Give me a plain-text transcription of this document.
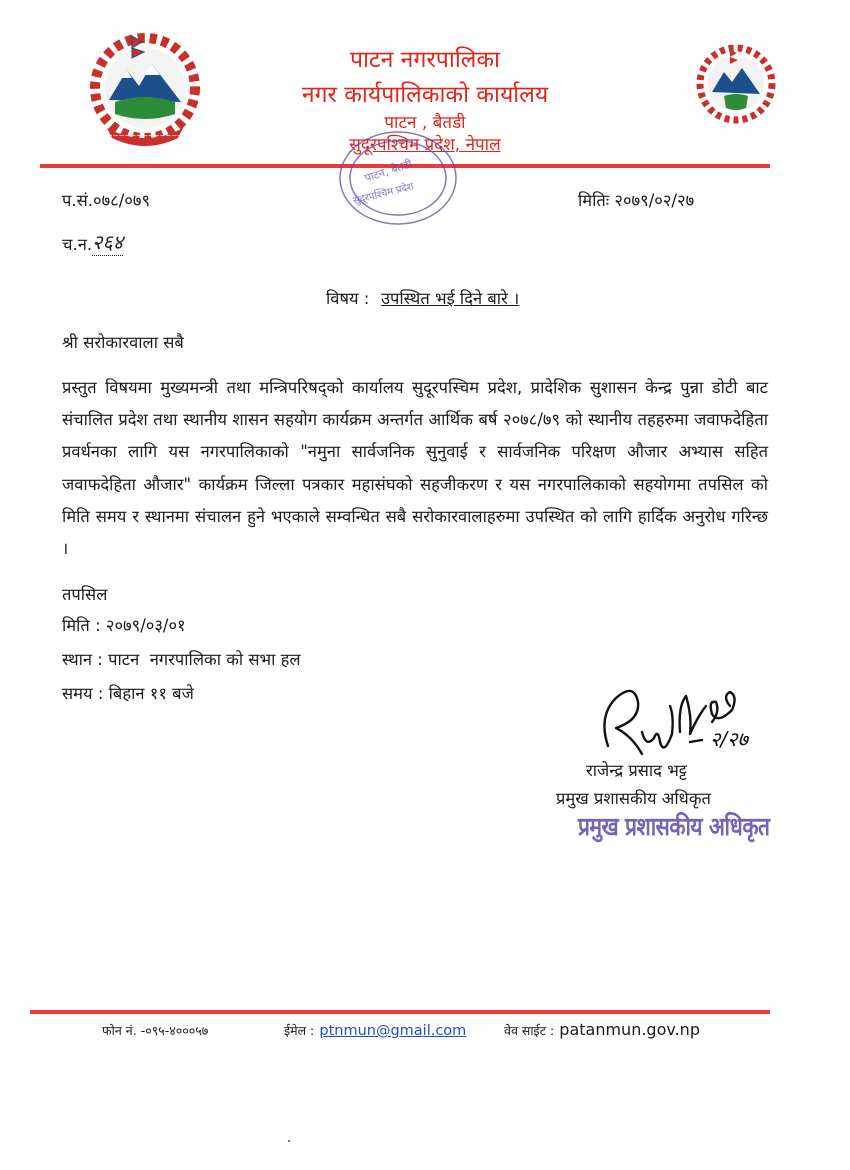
~~~~~~~~~~~~~
पाटन नगरपालिका
नगर कार्यपालिकाको कार्यालय
पाटन , बैतडी
सुदूरपश्चिम प्रदेश, नेपाल
पाटन, बैतडी
सुदूरपश्चिम प्रदेश
प.सं.०७८/०७९	मितिः २०७९/०२/२७
च.न. २६४
विषय : उपस्थित भई दिने बारे ।
श्री सरोकारवाला सबै
प्रस्तुत विषयमा मुख्यमन्त्री तथा मन्त्रिपरिषद्‌को कार्यालय सुदूरपस्चिम प्रदेश, प्रादेशिक सुशासन केन्द्र पुन्ना डोटी बाट संचालित प्रदेश तथा स्थानीय शासन सहयोग कार्यक्रम अन्तर्गत आर्थिक बर्ष २०७८/७९ को स्थानीय तहहरुमा जवाफदेहिता प्रवर्धनका लागि यस नगरपालिकाको "नमुना सार्वजनिक सुनुवाई र सार्वजनिक परिक्षण औजार अभ्यास सहित जवाफदेहिता औजार" कार्यक्रम जिल्ला पत्रकार महासंघको सहजीकरण र यस नगरपालिकाको सहयोगमा तपसिल को मिति समय र स्थानमा संचालन हुने भएकाले सम्वन्धित सबै सरोकारवालाहरुमा उपस्थित को लागि हार्दिक अनुरोध गरिन्छ ।
तपसिल
मिति : २०७९/०३/०१
स्थान : पाटन  नगरपालिका को सभा हल
समय : बिहान ११ बजे
२/२७
राजेन्द्र प्रसाद भट्ट
प्रमुख प्रशासकीय अधिकृत
प्रमुख प्रशासकीय अधिकृत
फोन नं. -०९५-४०००५७	ईमेल : ptnmun@gmail.com	वेव साईट : patanmun.gov.np
